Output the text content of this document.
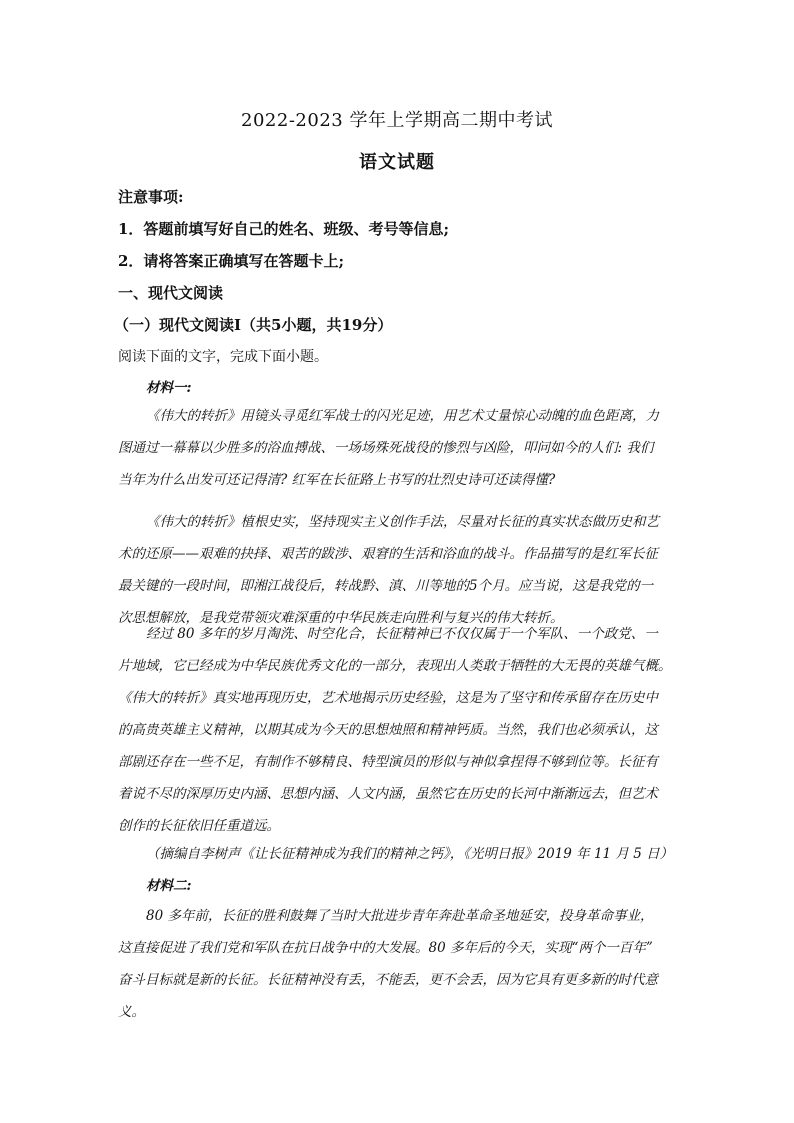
2022-2023 学年上学期高二期中考试
语文试题
注意事项:
1．答题前填写好自己的姓名、班级、考号等信息;
2．请将答案正确填写在答题卡上;
一、现代文阅读
（一）现代文阅读Ⅰ（共5小题，共19分）
阅读下面的文字，完成下面小题。
材料一:
《伟大的转折》用镜头寻觅红军战士的闪光足迹，用艺术丈量惊心动魄的血色距离，力
图通过一幕幕以少胜多的浴血搏战、一场场殊死战役的惨烈与凶险，叩问如今的人们: 我们
当年为什么出发可还记得清? 红军在长征路上书写的壮烈史诗可还读得懂?
《伟大的转折》植根史实，坚持现实主义创作手法，尽量对长征的真实状态做历史和艺
术的还原——艰难的抉择、艰苦的跋涉、艰窘的生活和浴血的战斗。作品描写的是红军长征
最关键的一段时间，即湘江战役后，转战黔、滇、川等地的5个月。应当说，这是我党的一
次思想解放，是我党带领灾难深重的中华民族走向胜利与复兴的伟大转折。
经过 80 多年的岁月淘洗、时空化合，长征精神已不仅仅属于一个军队、一个政党、一
片地域，它已经成为中华民族优秀文化的一部分，表现出人类敢于牺牲的大无畏的英雄气概。
《伟大的转折》真实地再现历史，艺术地揭示历史经验，这是为了坚守和传承留存在历史中
的高贵英雄主义精神，以期其成为今天的思想烛照和精神钙质。当然，我们也必须承认，这
部剧还存在一些不足，有制作不够精良、特型演员的形似与神似拿捏得不够到位等。长征有
着说不尽的深厚历史内涵、思想内涵、人文内涵，虽然它在历史的长河中渐渐远去，但艺术
创作的长征依旧任重道远。
（摘编自李树声《让长征精神成为我们的精神之钙》，《光明日报》2019 年 11 月 5 日）
材料二:
80 多年前，长征的胜利鼓舞了当时大批进步青年奔赴革命圣地延安，投身革命事业，
这直接促进了我们党和军队在抗日战争中的大发展。80 多年后的今天，实现“两个一百年”
奋斗目标就是新的长征。长征精神没有丢，不能丢，更不会丢，因为它具有更多新的时代意
义。
